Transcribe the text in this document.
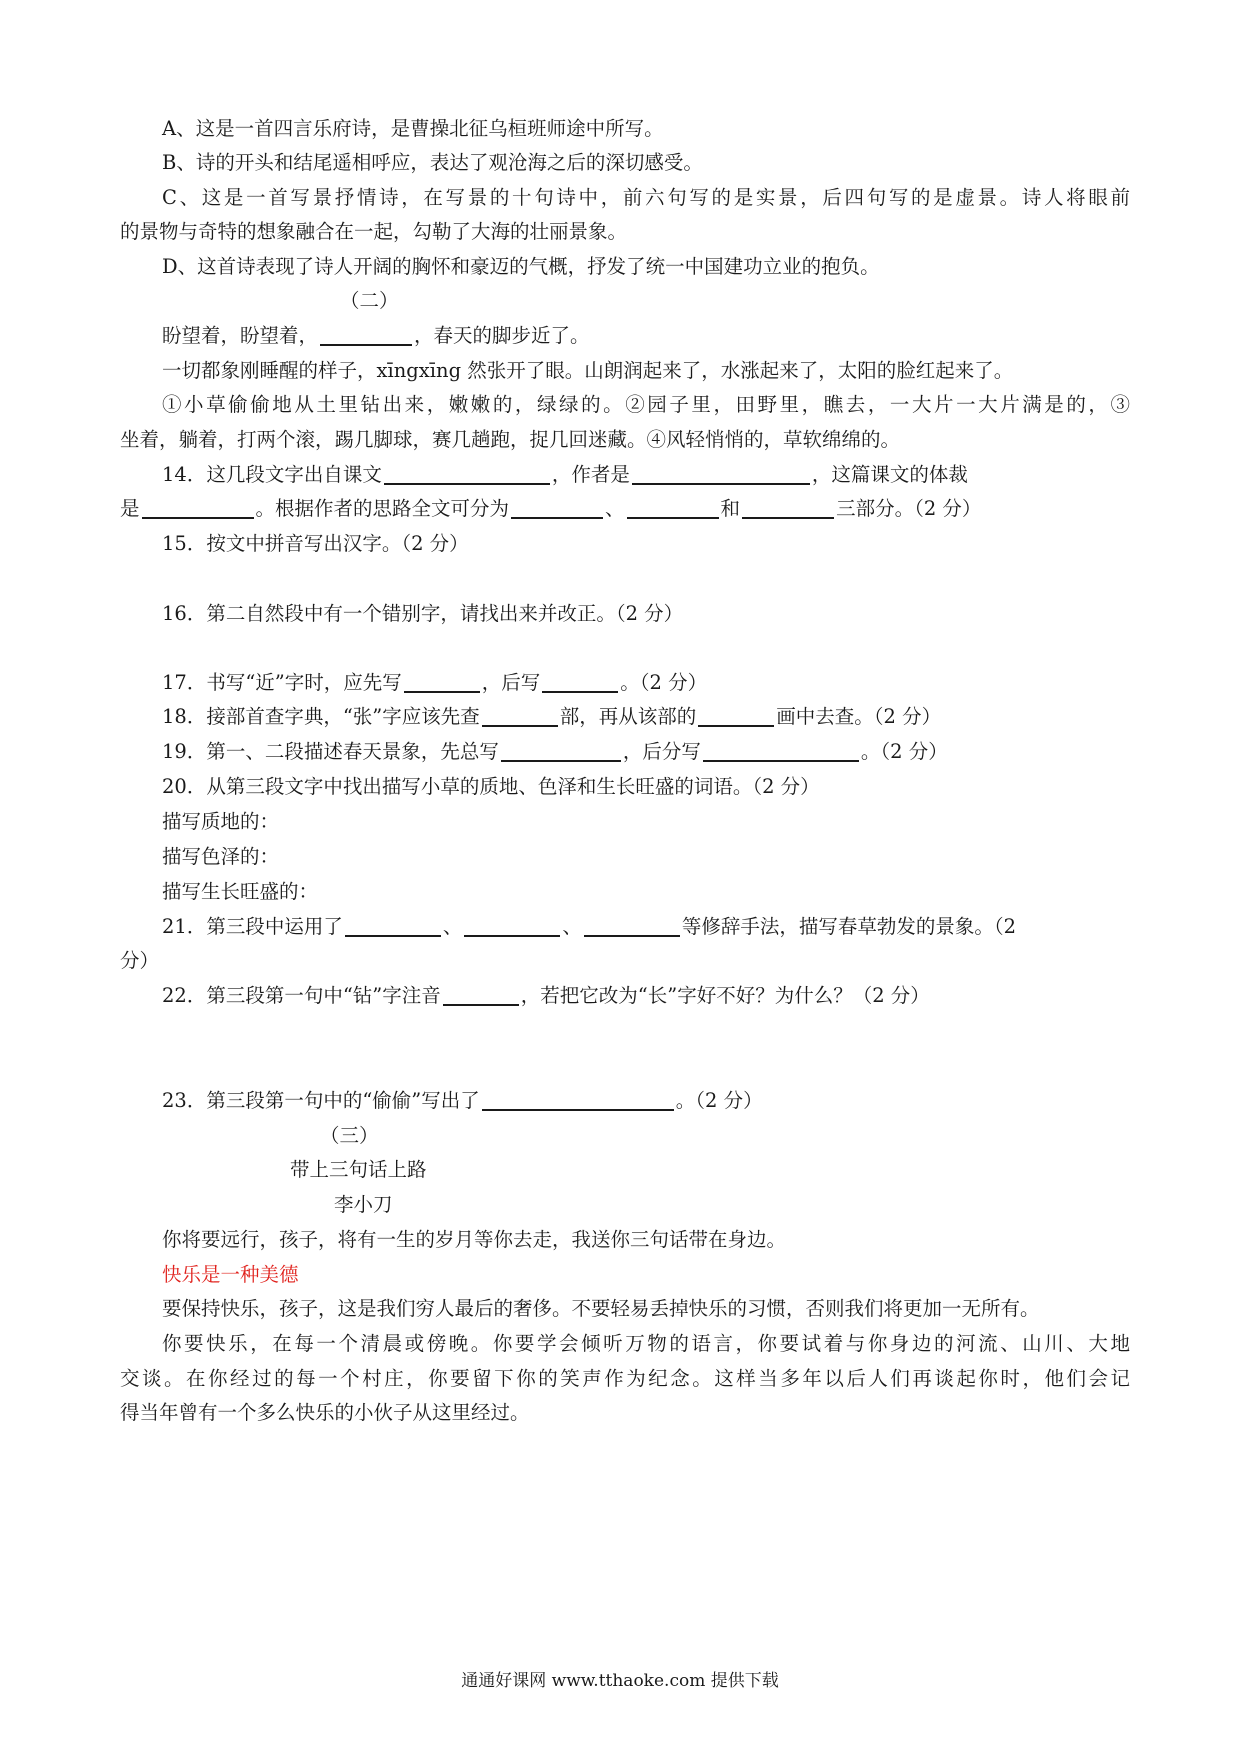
A、这是一首四言乐府诗，是曹操北征乌桓班师途中所写。
B、诗的开头和结尾遥相呼应，表达了观沧海之后的深切感受。
C、这是一首写景抒情诗，在写景的十句诗中，前六句写的是实景，后四句写的是虚景。诗人将眼前
的景物与奇特的想象融合在一起，勾勒了大海的壮丽景象。
D、这首诗表现了诗人开阔的胸怀和豪迈的气概，抒发了统一中国建功立业的抱负。
（二）
盼望着，盼望着，	，春天的脚步近了。
一切都象刚睡醒的样子，xīngxīng 然张开了眼。山朗润起来了，水涨起来了，太阳的脸红起来了。
①小草偷偷地从土里钻出来，嫩嫩的，绿绿的。②园子里，田野里，瞧去，一大片一大片满是的，③
坐着，躺着，打两个滚，踢几脚球，赛几趟跑，捉几回迷藏。④风轻悄悄的，草软绵绵的。
14．这几段文字出自课文	，作者是	，这篇课文的体裁
是	。根据作者的思路全文可分为	、	和	三部分。（2 分）
15．按文中拼音写出汉字。（2 分）
16．第二自然段中有一个错别字，请找出来并改正。（2 分）
17．书写“近”字时，应先写	，后写	。（2 分）
18．接部首查字典，“张”字应该先查	部，再从该部的	画中去查。（2 分）
19．第一、二段描述春天景象，先总写	，后分写	。（2 分）
20．从第三段文字中找出描写小草的质地、色泽和生长旺盛的词语。（2 分）
描写质地的：
描写色泽的：
描写生长旺盛的：
21．第三段中运用了	、	、	等修辞手法，描写春草勃发的景象。（2
分）
22．第三段第一句中“钻”字注音	，若把它改为“长”字好不好？为什么？（2 分）
23．第三段第一句中的“偷偷”写出了	。（2 分）
（三）
带上三句话上路
李小刀
你将要远行，孩子，将有一生的岁月等你去走，我送你三句话带在身边。
快乐是一种美德
要保持快乐，孩子，这是我们穷人最后的奢侈。不要轻易丢掉快乐的习惯，否则我们将更加一无所有。
你要快乐，在每一个清晨或傍晚。你要学会倾听万物的语言，你要试着与你身边的河流、山川、大地
交谈。在你经过的每一个村庄，你要留下你的笑声作为纪念。这样当多年以后人们再谈起你时，他们会记
得当年曾有一个多么快乐的小伙子从这里经过。
通通好课网 www.tthaoke.com 提供下载
